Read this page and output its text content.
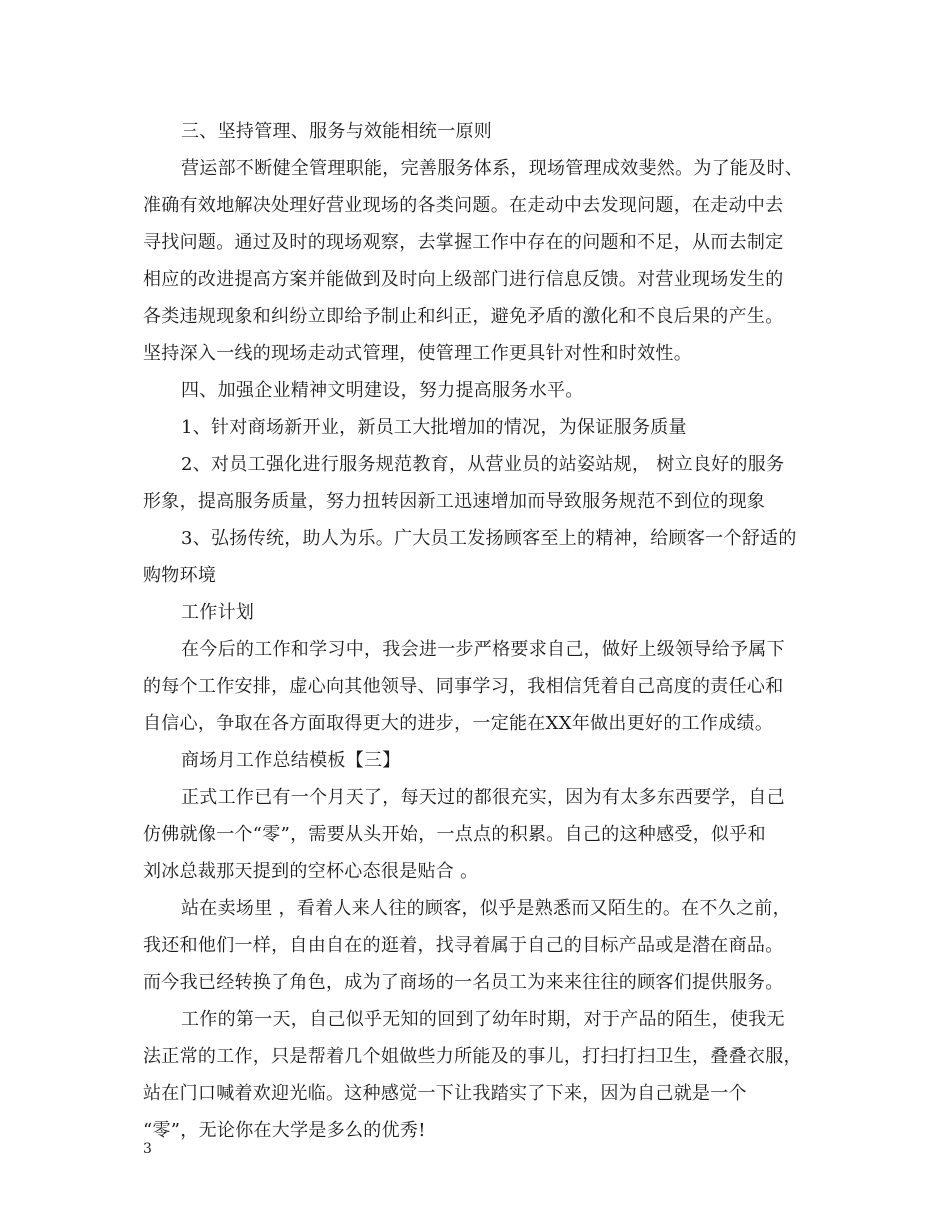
三、坚持管理、服务与效能相统一原则

营运部不断健全管理职能，完善服务体系，现场管理成效斐然。为了能及时、
准确有效地解决处理好营业现场的各类问题。在走动中去发现问题，在走动中去
寻找问题。通过及时的现场观察，去掌握工作中存在的问题和不足，从而去制定
相应的改进提高方案并能做到及时向上级部门进行信息反馈。对营业现场发生的
各类违规现象和纠纷立即给予制止和纠正，避免矛盾的激化和不良后果的产生。
坚持深入一线的现场走动式管理，使管理工作更具针对性和时效性。

四、加强企业精神文明建设，努力提高服务水平。

1、针对商场新开业，新员工大批增加的情况，为保证服务质量

2、对员工强化进行服务规范教育，从营业员的站姿站规， 树立良好的服务
形象，提高服务质量，努力扭转因新工迅速增加而导致服务规范不到位的现象

3、弘扬传统，助人为乐。广大员工发扬顾客至上的精神，给顾客一个舒适的
购物环境

工作计划

在今后的工作和学习中，我会进一步严格要求自己，做好上级领导给予属下
的每个工作安排，虚心向其他领导、同事学习，我相信凭着自己高度的责任心和
自信心，争取在各方面取得更大的进步，一定能在XX年做出更好的工作成绩。

商场月工作总结模板【三】

正式工作已有一个月天了，每天过的都很充实，因为有太多东西要学，自己
仿佛就像一个“零”，需要从头开始，一点点的积累。自己的这种感受，似乎和
刘冰总裁那天提到的空杯心态很是贴合 。

站在卖场里 ，看着人来人往的顾客，似乎是熟悉而又陌生的。在不久之前，
我还和他们一样，自由自在的逛着，找寻着属于自己的目标产品或是潜在商品。
而今我已经转换了角色，成为了商场的一名员工为来来往往的顾客们提供服务。

工作的第一天，自己似乎无知的回到了幼年时期，对于产品的陌生，使我无
法正常的工作，只是帮着几个姐做些力所能及的事儿，打扫打扫卫生，叠叠衣服，
站在门口喊着欢迎光临。这种感觉一下让我踏实了下来，因为自己就是一个
“零”，无论你在大学是多么的优秀!

3
